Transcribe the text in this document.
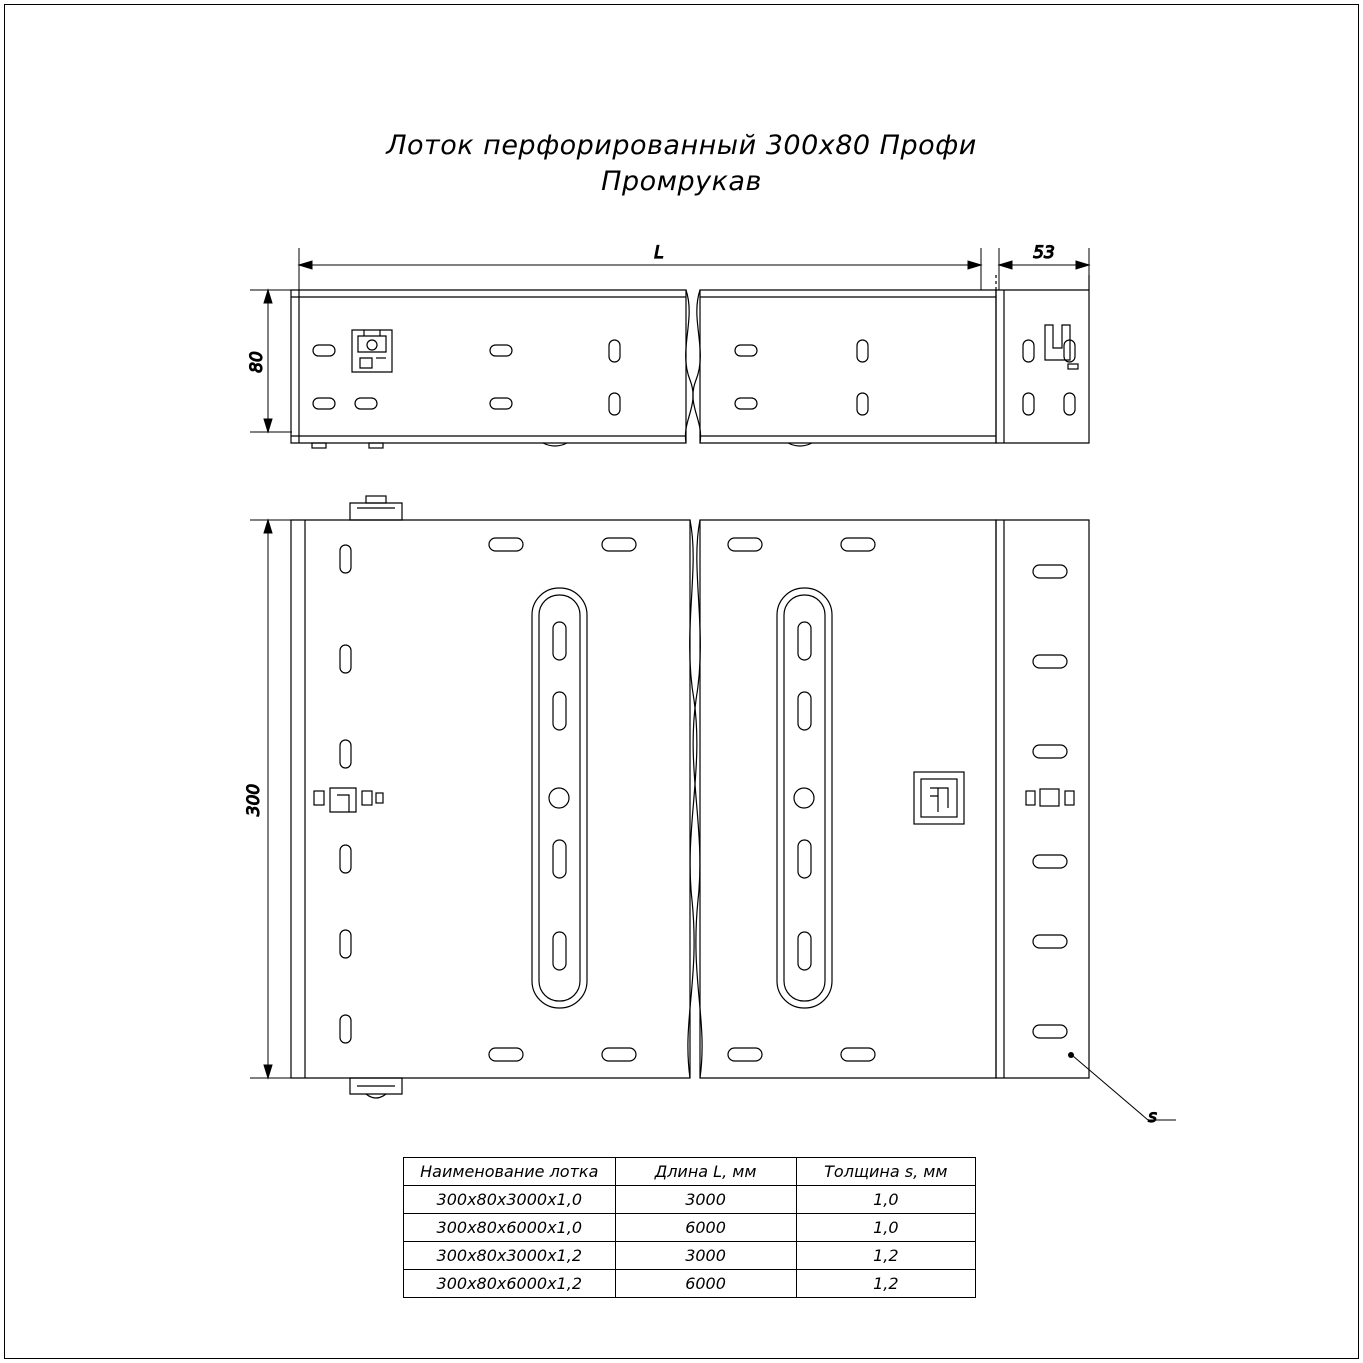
Лоток перфорированный 300x80 Профи
Промрукав
L	53
80
300
s
Наименование лотка	Длина L, мм	Толщина s, мм
300х80х3000х1,0	3000	1,0
300х80х6000х1,0	6000	1,0
300х80х3000х1,2	3000	1,2
300х80х6000х1,2	6000	1,2
